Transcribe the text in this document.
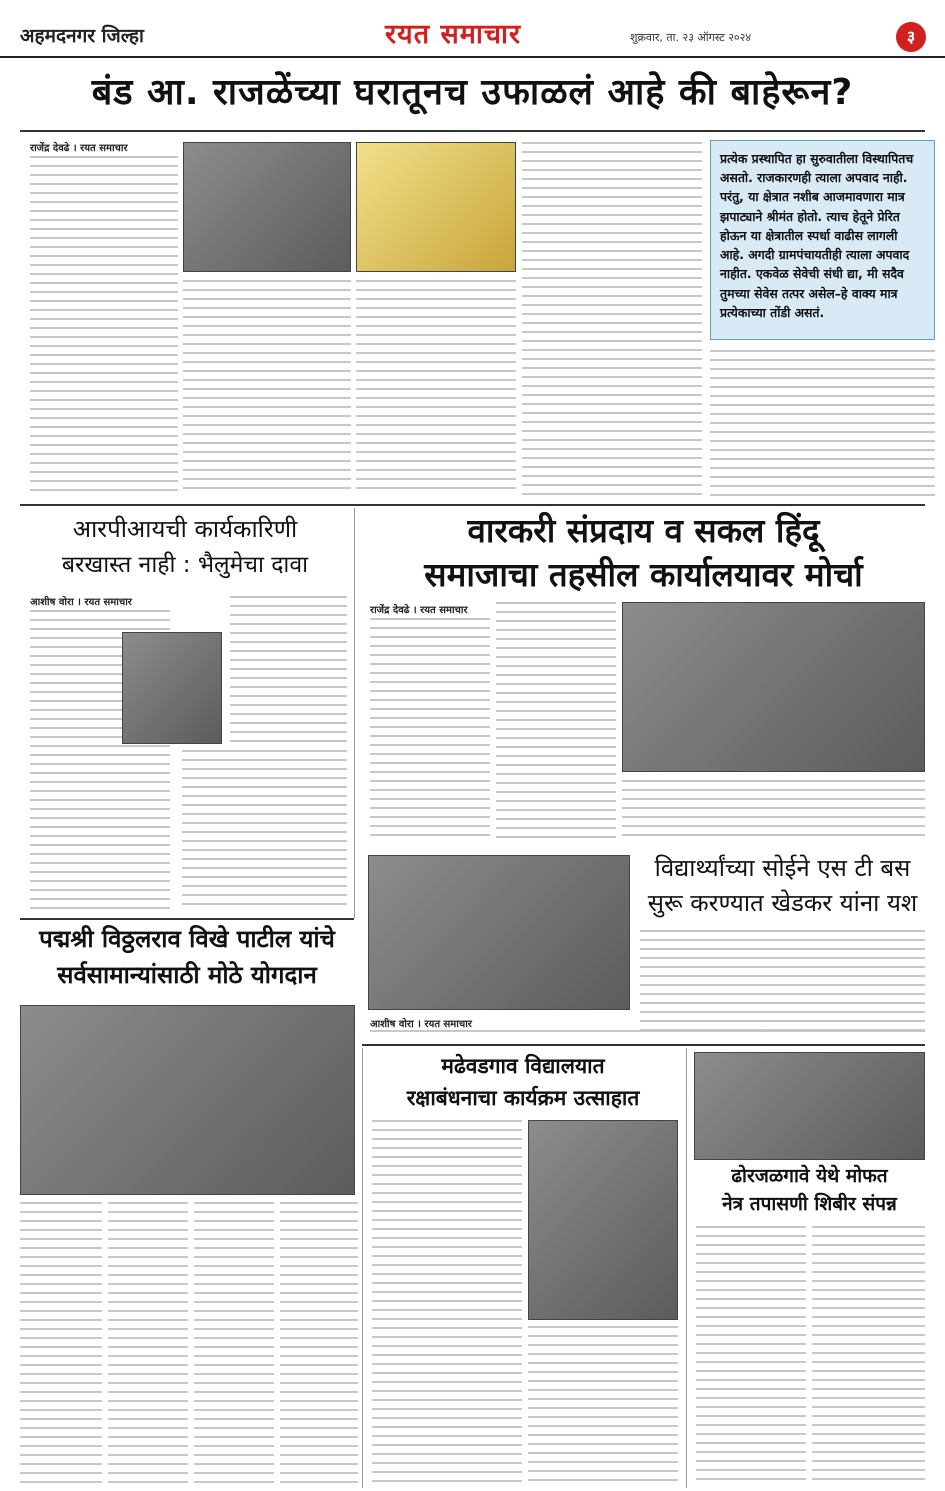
अहमदनगर जिल्हा	रयत समाचार	शुक्रवार, ता. २३ ऑगस्ट २०२४	३
बंड आ. राजळेंच्या घरातूनच उफाळलं आहे की बाहेरून?
राजेंद्र देवढे । रयत समाचार
प्रत्येक प्रस्थापित हा सुरुवातीला विस्थापितच असतो. राजकारणही त्याला अपवाद नाही. परंतु, या क्षेत्रात नशीब आजमावणारा मात्र झपाट्याने श्रीमंत होतो. त्याच हेतूने प्रेरित होऊन या क्षेत्रातील स्पर्धा वाढीस लागली आहे. अगदी ग्रामपंचायतीही त्याला अपवाद नाहीत. एकवेळ सेवेची संधी द्या, मी सदैव तुमच्या सेवेस तत्पर असेल–हे वाक्य मात्र प्रत्येकाच्या तोंडी असतं.
आरपीआयची कार्यकारिणी
बरखास्त नाही : भैलुमेचा दावा
आशीष वोरा । रयत समाचार
वारकरी संप्रदाय व सकल हिंदू
समाजाचा तहसील कार्यालयावर मोर्चा
राजेंद्र देवढे । रयत समाचार
विद्यार्थ्यांच्या सोईने एस टी बस
सुरू करण्यात खेडकर यांना यश
आशीष वोरा । रयत समाचार
पद्मश्री विठ्ठलराव विखे पाटील यांचे
सर्वसामान्यांसाठी मोठे योगदान
मढेवडगाव विद्यालयात
रक्षाबंधनाचा कार्यक्रम उत्साहात
ढोरजळगावे येथे मोफत
नेत्र तपासणी शिबीर संपन्न
